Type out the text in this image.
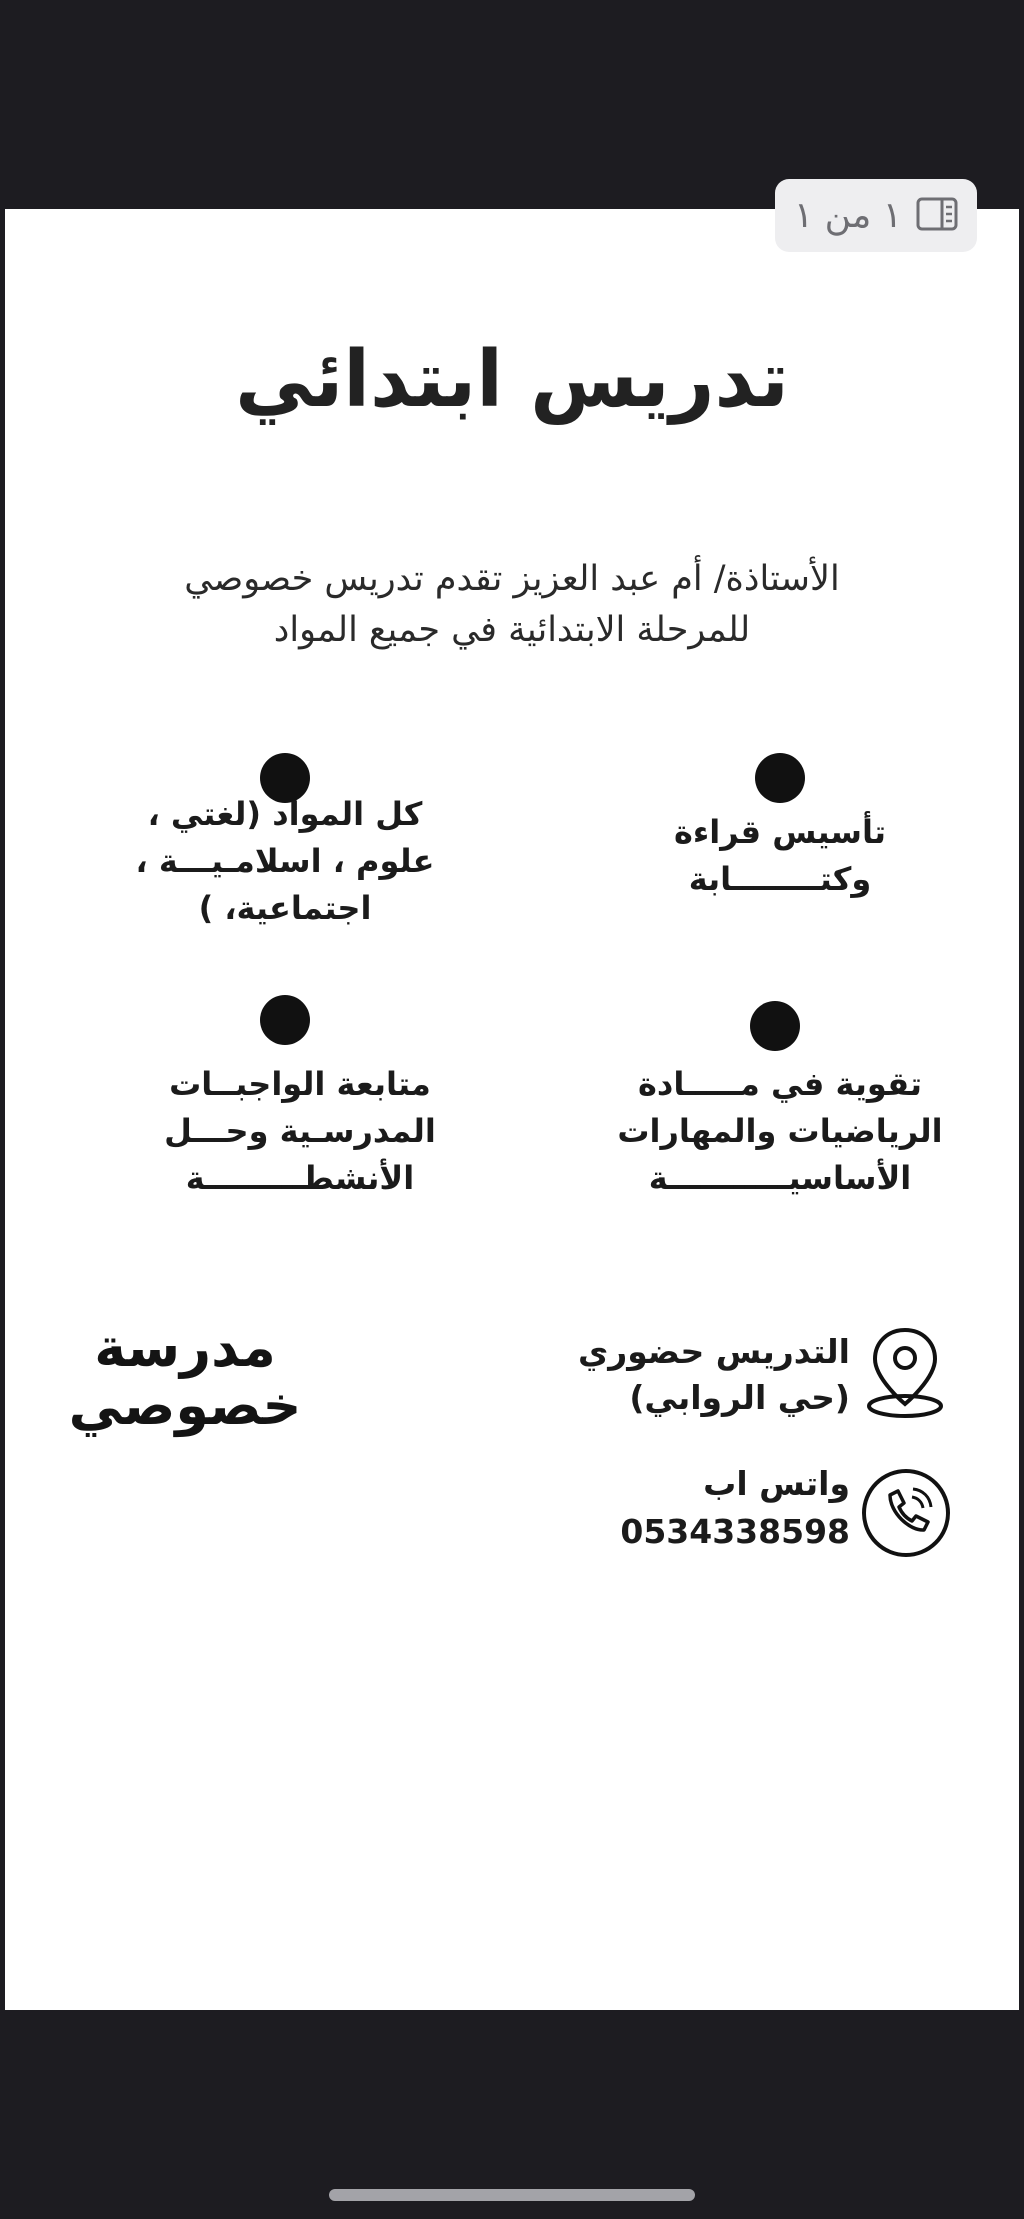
١ من ١
تدريس ابتدائي
الأستاذة/ أم عبد العزيز تقدم تدريس خصوصي
للمرحلة الابتدائية في جميع المواد
تأسيس قراءة
وكتــــــــابة
كل المواد (لغتي ،
علوم ، اسلامـيـــة ،
اجتماعية، )
تقوية في مـــــادة
الرياضيات والمهارات
الأساسيـــــــــــة
متابعة الواجبــات
المدرسـية وحـــل
الأنشطـــــــــة
التدريس حضوري
(حي الروابي)
واتس اب
0534338598
مدرسة
خصوصي
